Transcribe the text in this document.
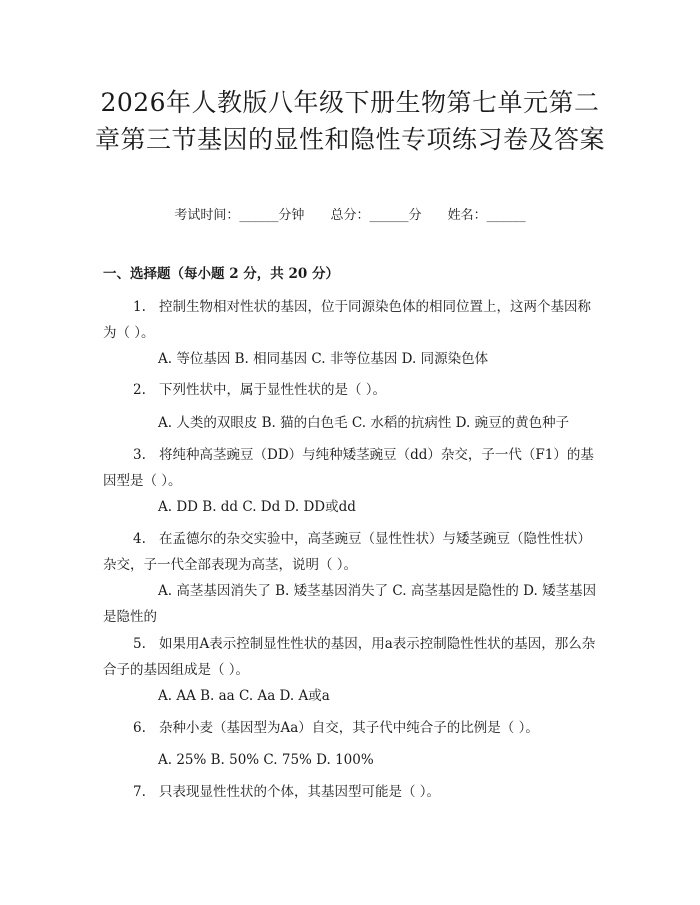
2026年人教版八年级下册生物第七单元第二章第三节基因的显性和隐性专项练习卷及答案
考试时间：______分钟 总分：______分 姓名：______
一、选择题（每小题 2 分，共 20 分）

1. 控制生物相对性状的基因，位于同源染色体的相同位置上，这两个基因称为（ ）。

A. 等位基因 B. 相同基因 C. 非等位基因 D. 同源染色体

2. 下列性状中，属于显性性状的是（ ）。

A. 人类的双眼皮 B. 猫的白色毛 C. 水稻的抗病性 D. 豌豆的黄色种子

3. 将纯种高茎豌豆（DD）与纯种矮茎豌豆（dd）杂交，子一代（F1）的基因型是（ ）。

A. DD B. dd C. Dd D. DD或dd

4. 在孟德尔的杂交实验中，高茎豌豆（显性性状）与矮茎豌豆（隐性性状）杂交，子一代全部表现为高茎，说明（ ）。

A. 高茎基因消失了 B. 矮茎基因消失了 C. 高茎基因是隐性的 D. 矮茎基因是隐性的

5. 如果用A表示控制显性性状的基因，用a表示控制隐性性状的基因，那么杂合子的基因组成是（ ）。

A. AA B. aa C. Aa D. A或a

6. 杂种小麦（基因型为Aa）自交，其子代中纯合子的比例是（ ）。

A. 25% B. 50% C. 75% D. 100%

7. 只表现显性性状的个体，其基因型可能是（ ）。
